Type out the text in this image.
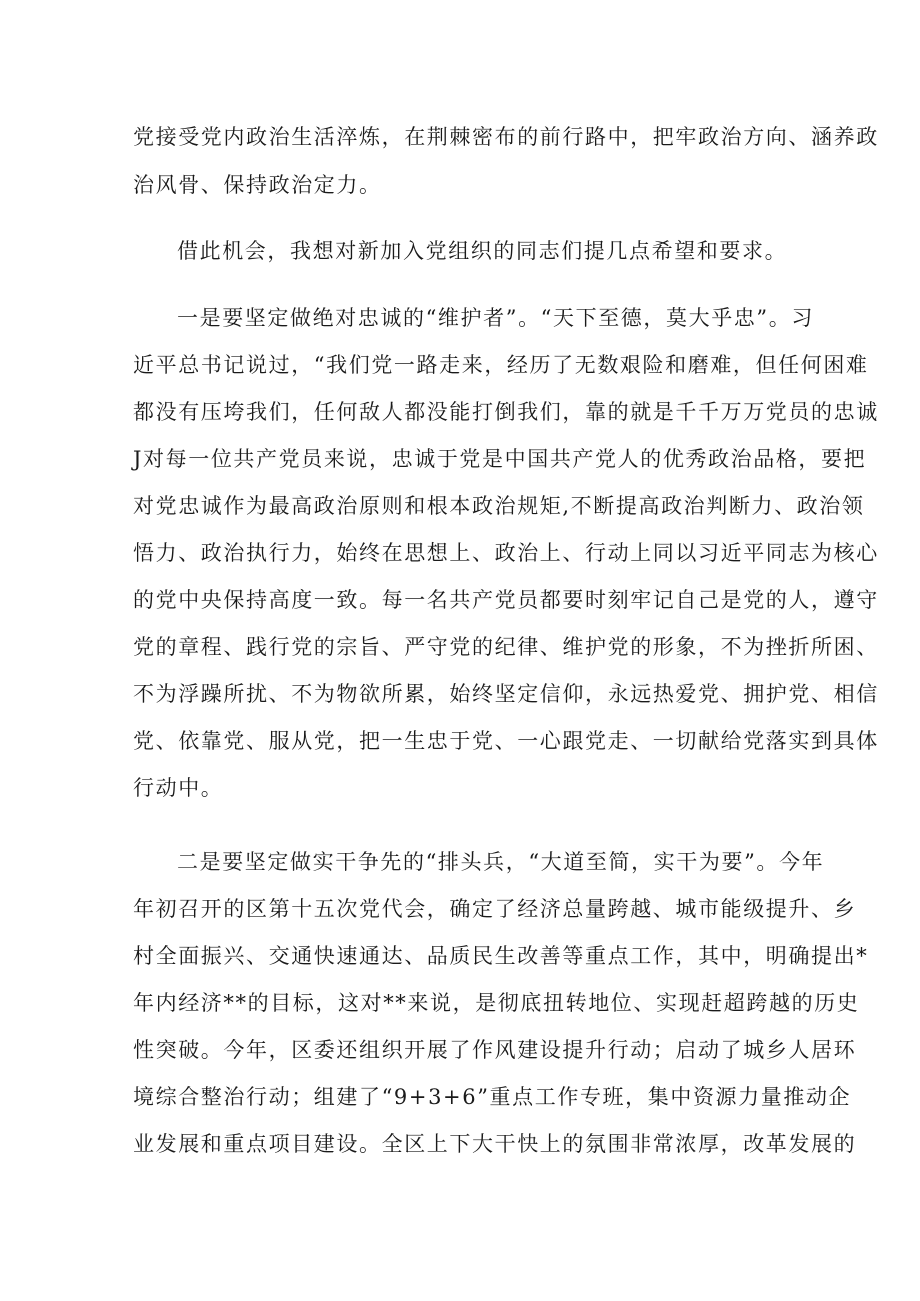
党接受党内政治生活淬炼，在荆棘密布的前行路中，把牢政治方向、涵养政
治风骨、保持政治定力。
借此机会，我想对新加入党组织的同志们提几点希望和要求。
一是要坚定做绝对忠诚的“维护者”。“天下至德，莫大乎忠”。习
近平总书记说过，“我们党一路走来，经历了无数艰险和磨难，但任何困难
都没有压垮我们，任何敌人都没能打倒我们，靠的就是千千万万党员的忠诚
J对每一位共产党员来说，忠诚于党是中国共产党人的优秀政治品格，要把
对党忠诚作为最高政治原则和根本政治规矩,不断提高政治判断力、政治领
悟力、政治执行力，始终在思想上、政治上、行动上同以习近平同志为核心
的党中央保持高度一致。每一名共产党员都要时刻牢记自己是党的人，遵守
党的章程、践行党的宗旨、严守党的纪律、维护党的形象，不为挫折所困、
不为浮躁所扰、不为物欲所累，始终坚定信仰，永远热爱党、拥护党、相信
党、依靠党、服从党，把一生忠于党、一心跟党走、一切献给党落实到具体
行动中。
二是要坚定做实干争先的“排头兵，“大道至简，实干为要”。今年
年初召开的区第十五次党代会，确定了经济总量跨越、城市能级提升、乡
村全面振兴、交通快速通达、品质民生改善等重点工作，其中，明确提出*
年内经济**的目标，这对**来说，是彻底扭转地位、实现赶超跨越的历史
性突破。今年，区委还组织开展了作风建设提升行动；启动了城乡人居环
境综合整治行动；组建了“9+3+6”重点工作专班，集中资源力量推动企
业发展和重点项目建设。全区上下大干快上的氛围非常浓厚，改革发展的
